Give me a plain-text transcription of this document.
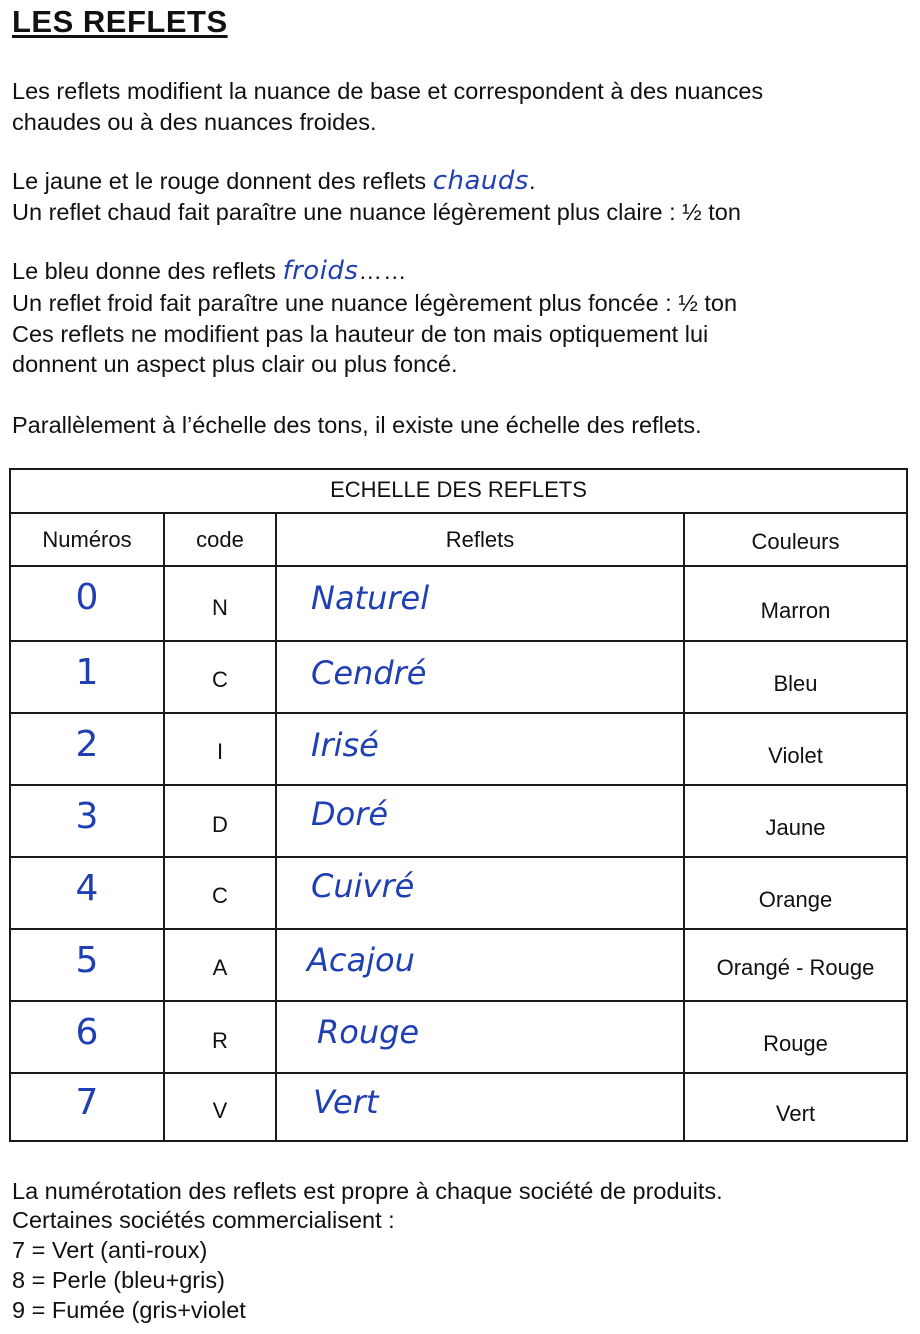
LES REFLETS

Les reflets modifient la nuance de base et correspondent à des nuances

chaudes ou à des nuances froides.

Le jaune et le rouge donnent des reflets chauds.

Un reflet chaud fait paraître une nuance légèrement plus claire : ½ ton

Le bleu donne des reflets froids……

Un reflet froid fait paraître une nuance légèrement plus foncée : ½ ton

Ces reflets ne modifient pas la hauteur de ton mais optiquement lui

donnent un aspect plus clair ou plus foncé.

Parallèlement à l’échelle des tons, il existe une échelle des reflets.

ECHELLE DES REFLETS
Numéros	code	Reflets	Couleurs
0	N	Naturel	Marron
1	C	Cendré	Bleu
2	I	Irisé	Violet
3	D	Doré	Jaune
4	C	Cuivré	Orange
5	A	Acajou	Orangé - Rouge
6	R	Rouge	Rouge
7	V	Vert	Vert

La numérotation des reflets est propre à chaque société de produits.

Certaines sociétés commercialisent :

7 = Vert (anti-roux)

8 = Perle (bleu+gris)

9 = Fumée (gris+violet
